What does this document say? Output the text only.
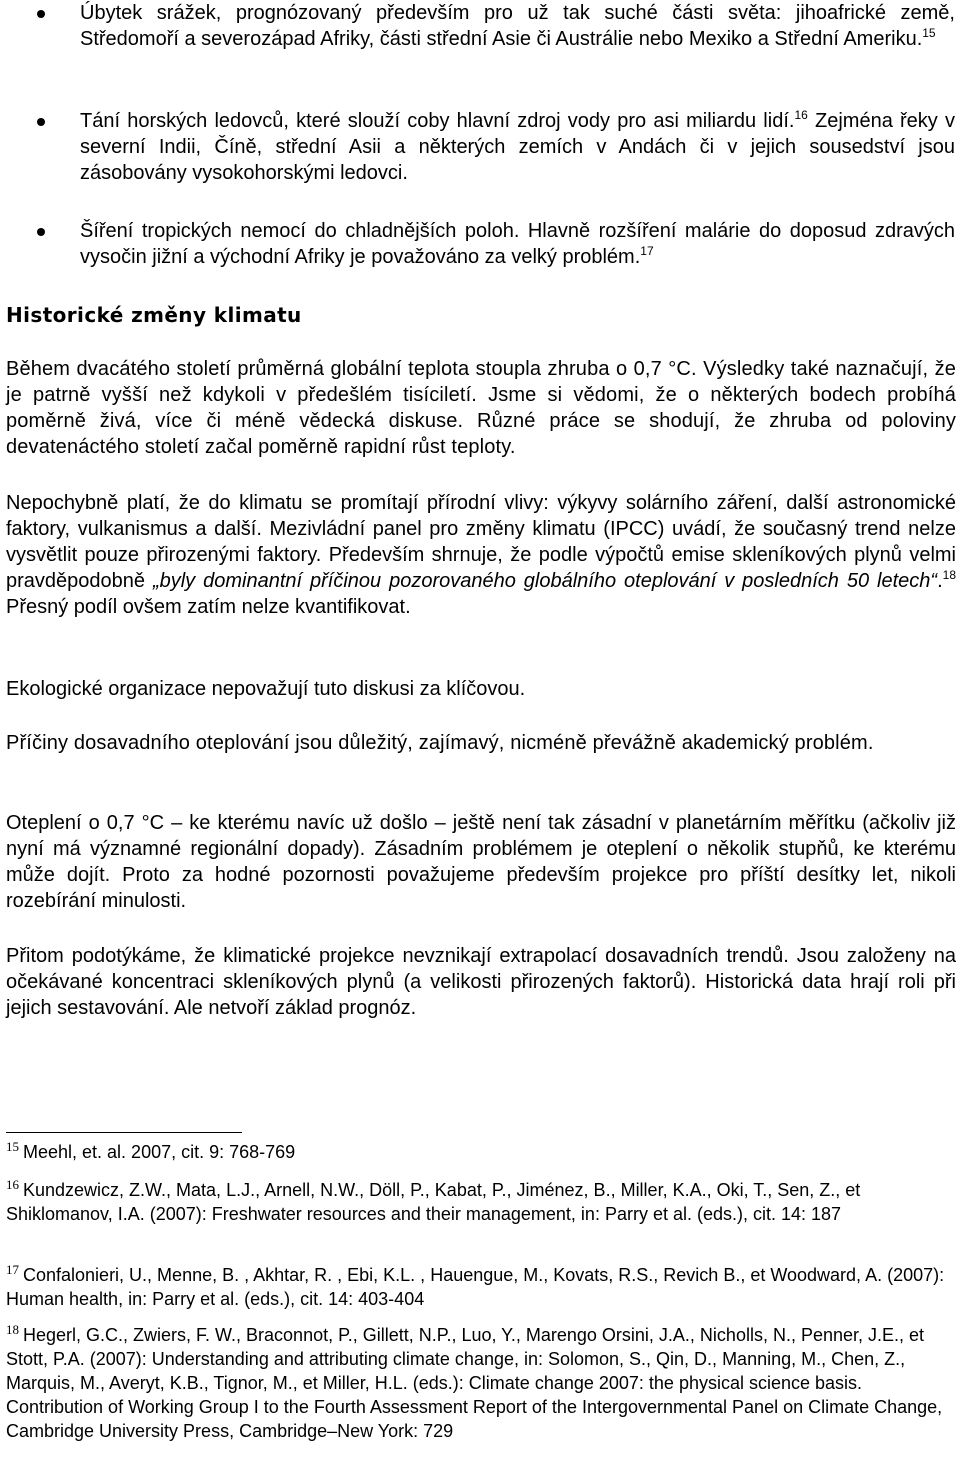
Úbytek srážek, prognózovaný především pro už tak suché části světa: jihoafrické země, Středomoří a severozápad Afriky, části střední Asie či Austrálie nebo Mexiko a Střední Ameriku.$^{15}$
Tání horských ledovců, které slouží coby hlavní zdroj vody pro asi miliardu lidí.$^{16}$ Zejména řeky v severní Indii, Číně, střední Asii a některých zemích v Andách či v jejich sousedství jsou zásobovány vysokohorskými ledovci.
Šíření tropických nemocí do chladnějších poloh. Hlavně rozšíření malárie do doposud zdravých vysočin jižní a východní Afriky je považováno za velký problém.$^{17}$
Historické změny klimatu

Během dvacátého století průměrná globální teplota stoupla zhruba o 0,7 °C. Výsledky také naznačují, že je patrně vyšší než kdykoli v předešlém tisíciletí. Jsme si vědomi, že o některých bodech probíhá poměrně živá, více či méně vědecká diskuse. Různé práce se shodují, že zhruba od poloviny devatenáctého století začal poměrně rapidní růst teploty.

Nepochybně platí, že do klimatu se promítají přírodní vlivy: výkyvy solárního záření, další astronomické faktory, vulkanismus a další. Mezivládní panel pro změny klimatu (IPCC) uvádí, že současný trend nelze vysvětlit pouze přirozenými faktory. Především shrnuje, že podle výpočtů emise skleníkových plynů velmi pravděpodobně „byly dominantní příčinou pozorovaného globálního oteplování v posledních 50 letech“.$^{18}$ Přesný podíl ovšem zatím nelze kvantifikovat.

Ekologické organizace nepovažují tuto diskusi za klíčovou.

Příčiny dosavadního oteplování jsou důležitý, zajímavý, nicméně převážně akademický problém.

Oteplení o 0,7 °C – ke kterému navíc už došlo – ještě není tak zásadní v planetárním měřítku (ačkoliv již nyní má významné regionální dopady). Zásadním problémem je oteplení o několik stupňů, ke kterému může dojít. Proto za hodné pozornosti považujeme především projekce pro příští desítky let, nikoli rozebírání minulosti.

Přitom podotýkáme, že klimatické projekce nevznikají extrapolací dosavadních trendů. Jsou založeny na očekávané koncentraci skleníkových plynů (a velikosti přirozených faktorů). Historická data hrají roli při jejich sestavování. Ale netvoří základ prognóz.

$^{15}$ Meehl, et. al. 2007, cit. 9: 768-769

$^{16}$ Kundzewicz, Z.W., Mata, L.J., Arnell, N.W., Döll, P., Kabat, P., Jiménez, B., Miller, K.A., Oki, T., Sen, Z., et Shiklomanov, I.A. (2007): Freshwater resources and their management, in: Parry et al. (eds.), cit. 14: 187

$^{17}$ Confalonieri, U., Menne, B. , Akhtar, R. , Ebi, K.L. , Hauengue, M., Kovats, R.S., Revich B., et Woodward, A. (2007): Human health, in: Parry et al. (eds.), cit. 14: 403-404

$^{18}$ Hegerl, G.C., Zwiers, F. W., Braconnot, P., Gillett, N.P., Luo, Y., Marengo Orsini, J.A., Nicholls, N., Penner, J.E., et Stott, P.A. (2007): Understanding and attributing climate change, in: Solomon, S., Qin, D., Manning, M., Chen, Z., Marquis, M., Averyt, K.B., Tignor, M., et Miller, H.L. (eds.): Climate change 2007: the physical science basis. Contribution of Working Group I to the Fourth Assessment Report of the Intergovernmental Panel on Climate Change, Cambridge University Press, Cambridge–New York: 729
